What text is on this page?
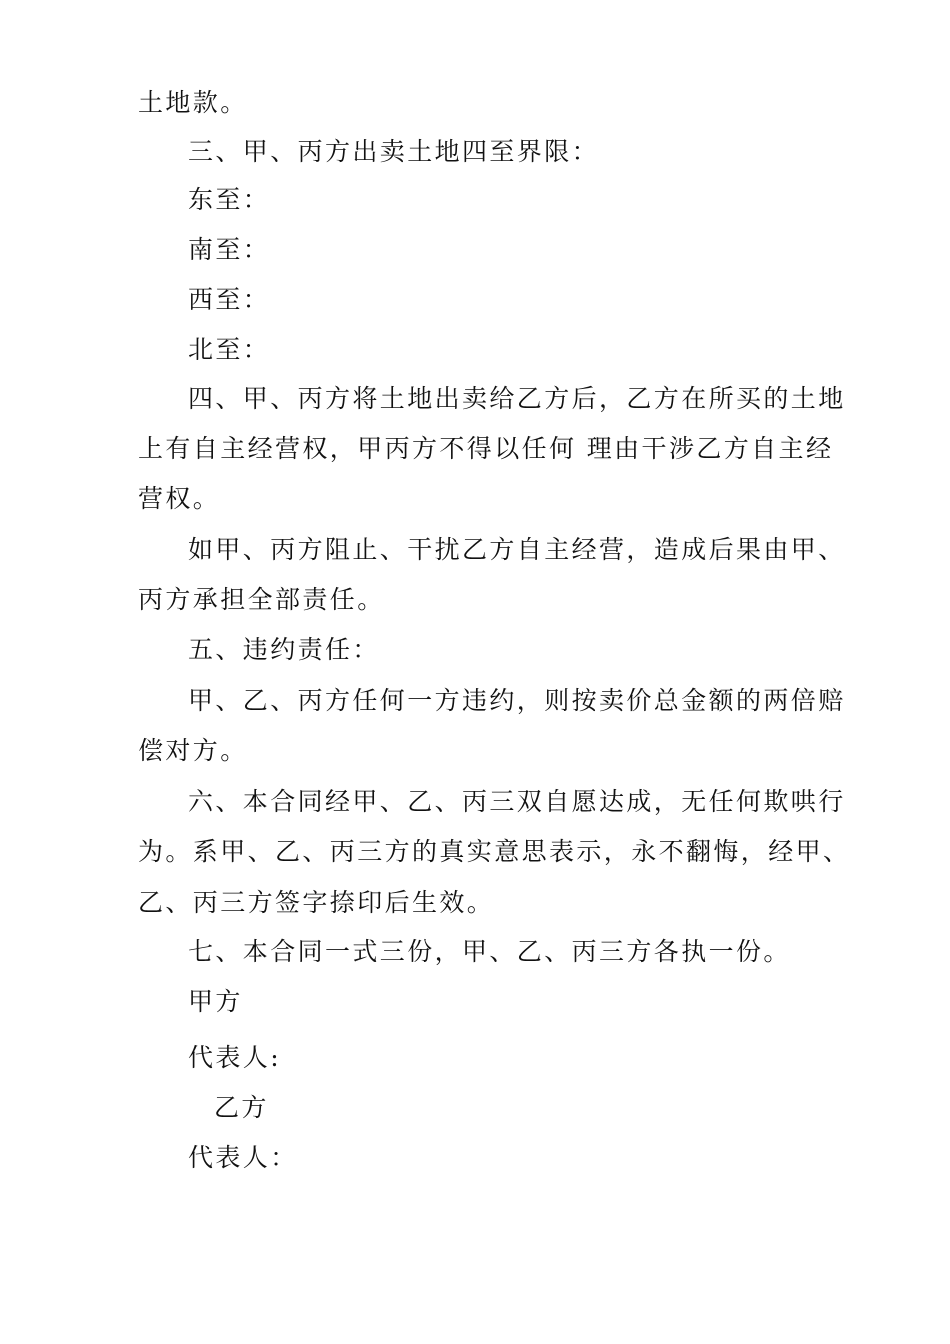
土地款。
三、甲、丙方出卖土地四至界限：
东至：
南至：
西至：
北至：
四、甲、丙方将土地出卖给乙方后，乙方在所买的土地
上有自主经营权，甲丙方不得以任何 理由干涉乙方自主经
营权。
如甲、丙方阻止、干扰乙方自主经营，造成后果由甲、
丙方承担全部责任。
五、违约责任：
甲、乙、丙方任何一方违约，则按卖价总金额的两倍赔
偿对方。
六、本合同经甲、乙、丙三双自愿达成，无任何欺哄行
为。系甲、乙、丙三方的真实意思表示，永不翻悔，经甲、
乙、丙三方签字捺印后生效。
七、本合同一式三份，甲、乙、丙三方各执一份。
甲方
代表人:
乙方
代表人：
